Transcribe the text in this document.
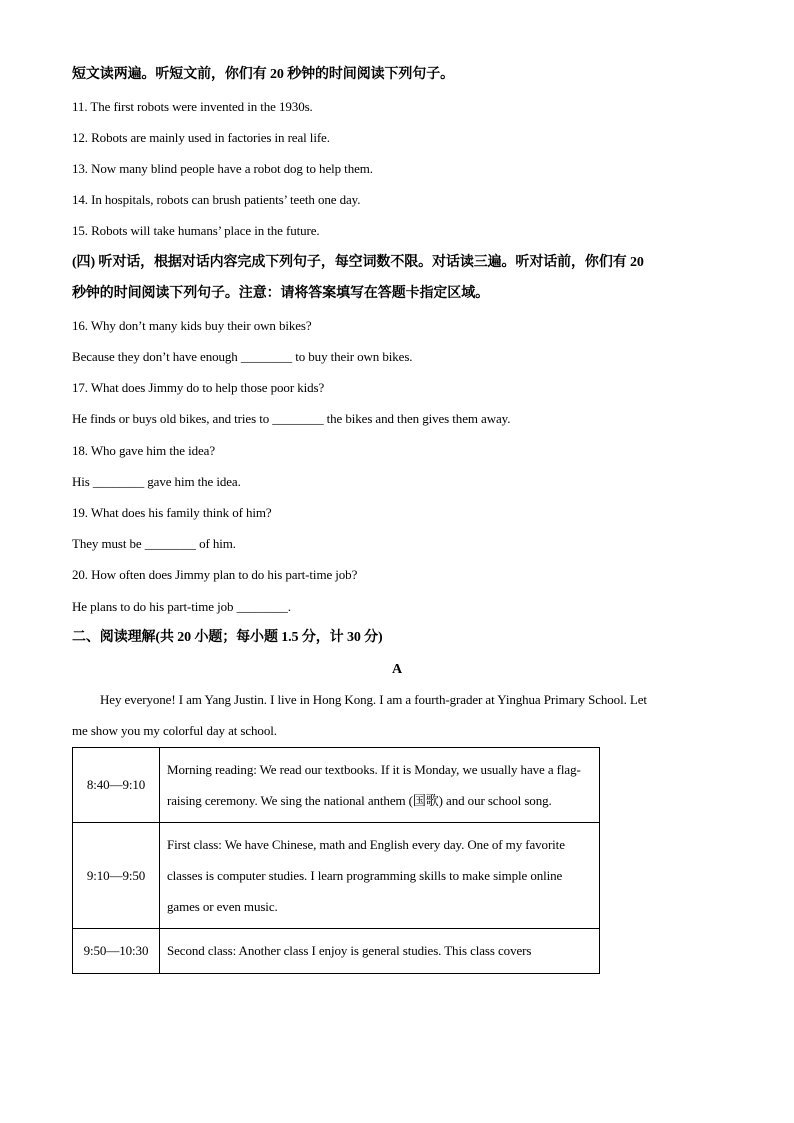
短文读两遍。听短文前，你们有 20 秒钟的时间阅读下列句子。
11. The first robots were invented in the 1930s.
12. Robots are mainly used in factories in real life.
13. Now many blind people have a robot dog to help them.
14. In hospitals, robots can brush patients’ teeth one day.
15. Robots will take humans’ place in the future.
(四) 听对话，根据对话内容完成下列句子，每空词数不限。对话读三遍。听对话前，你们有 20
秒钟的时间阅读下列句子。注意：请将答案填写在答题卡指定区域。
16. Why don’t many kids buy their own bikes?
Because they don’t have enough ________ to buy their own bikes.
17. What does Jimmy do to help those poor kids?
He finds or buys old bikes, and tries to ________ the bikes and then gives them away.
18. Who gave him the idea?
His ________ gave him the idea.
19. What does his family think of him?
They must be ________ of him.
20. How often does Jimmy plan to do his part-time job?
He plans to do his part-time job ________.
二、阅读理解(共 20 小题；每小题 1.5 分，计 30 分)
A
Hey everyone! I am Yang Justin. I live in Hong Kong. I am a fourth-grader at Yinghua Primary School. Let
me show you my colorful day at school.
8:40—9:10	Morning reading: We read our textbooks. If it is Monday, we usually have a flag-raising ceremony. We sing the national anthem (国歌) and our school song.
9:10—9:50	First class: We have Chinese, math and English every day. One of my favorite classes is computer studies. I learn programming skills to make simple online games or even music.
9:50—10:30	Second class: Another class I enjoy is general studies. This class covers
